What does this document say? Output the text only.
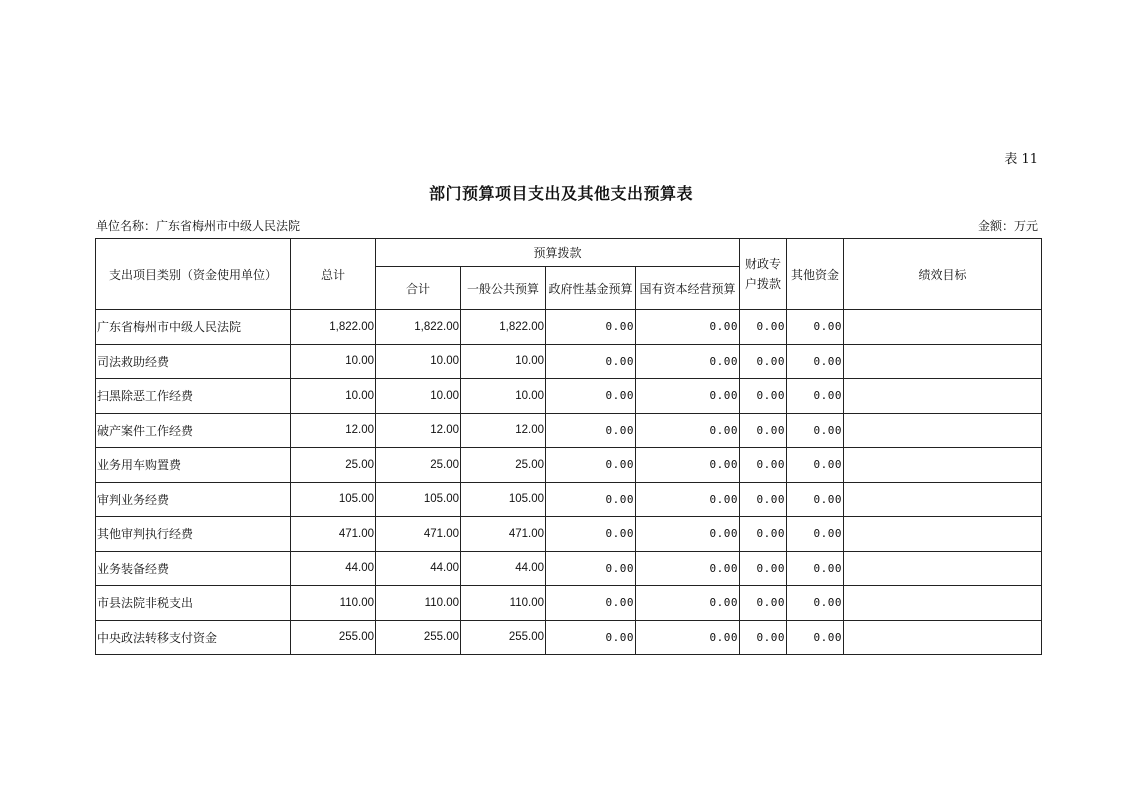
表 11
部门预算项目支出及其他支出预算表
单位名称：广东省梅州市中级人民法院	金额：万元
支出项目类别（资金使用单位）	总计	预算拨款				财政专户拨款	其他资金	绩效目标
		合计	一般公共预算	政府性基金预算	国有资本经营预算			
广东省梅州市中级人民法院	1,822.00	1,822.00	1,822.00	0.00	0.00	0.00	0.00	
司法救助经费	10.00	10.00	10.00	0.00	0.00	0.00	0.00	
扫黑除恶工作经费	10.00	10.00	10.00	0.00	0.00	0.00	0.00	
破产案件工作经费	12.00	12.00	12.00	0.00	0.00	0.00	0.00	
业务用车购置费	25.00	25.00	25.00	0.00	0.00	0.00	0.00	
审判业务经费	105.00	105.00	105.00	0.00	0.00	0.00	0.00	
其他审判执行经费	471.00	471.00	471.00	0.00	0.00	0.00	0.00	
业务装备经费	44.00	44.00	44.00	0.00	0.00	0.00	0.00	
市县法院非税支出	110.00	110.00	110.00	0.00	0.00	0.00	0.00	
中央政法转移支付资金	255.00	255.00	255.00	0.00	0.00	0.00	0.00	
